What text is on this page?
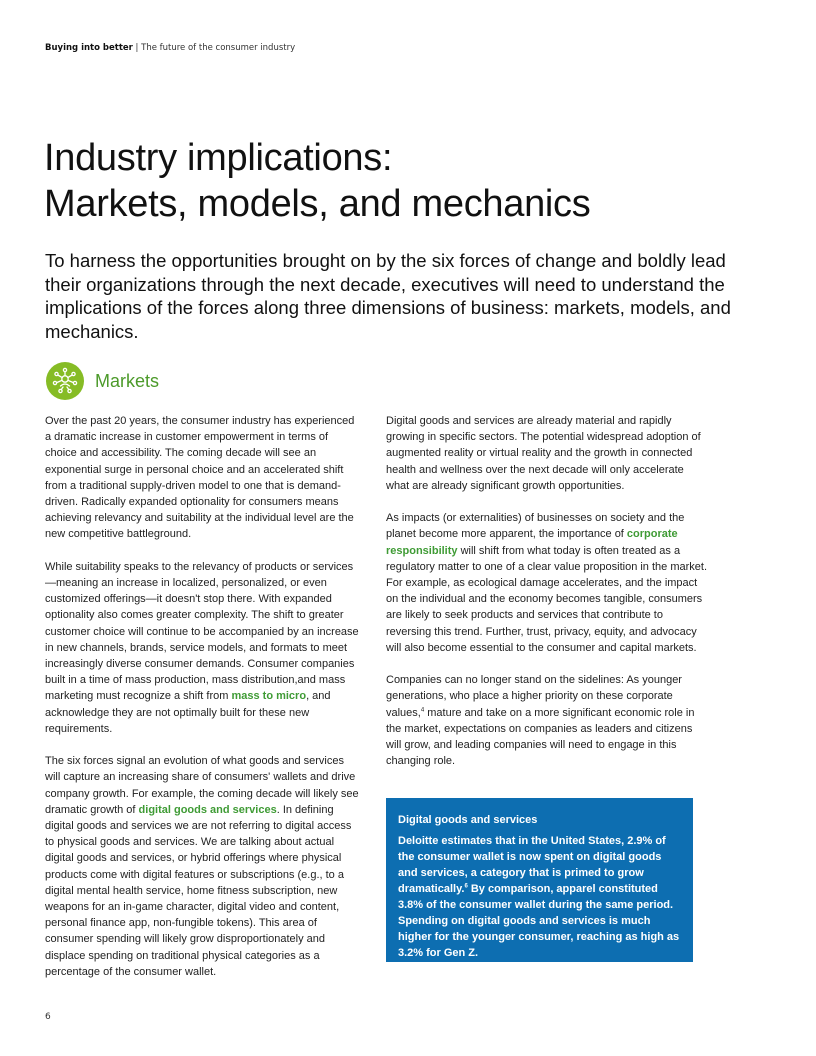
Buying into better | The future of the consumer industry
Industry implications:
Markets, models, and mechanics

To harness the opportunities brought on by the six forces of change and boldly lead their organizations through the next decade, executives will need to understand the implications of the forces along three dimensions of business: markets, models, and mechanics.

Markets

Over the past 20 years, the consumer industry has experienced a dramatic increase in customer empowerment in terms of choice and accessibility. The coming decade will see an exponential surge in personal choice and an accelerated shift from a traditional supply-driven model to one that is demand-driven. Radically expanded optionality for consumers means achieving relevancy and suitability at the individual level are the new competitive battleground.

While suitability speaks to the relevancy of products or services—meaning an increase in localized, personalized, or even customized offerings—it doesn't stop there. With expanded optionality also comes greater complexity. The shift to greater customer choice will continue to be accompanied by an increase in new channels, brands, service models, and formats to meet increasingly diverse consumer demands. Consumer companies built in a time of mass production, mass distribution,and mass marketing must recognize a shift from mass to micro, and acknowledge they are not optimally built for these new requirements.

The six forces signal an evolution of what goods and services will capture an increasing share of consumers' wallets and drive company growth. For example, the coming decade will likely see dramatic growth of digital goods and services. In defining digital goods and services we are not referring to digital access to physical goods and services. We are talking about actual digital goods and services, or hybrid offerings where physical products come with digital features or subscriptions (e.g., to a digital mental health service, home fitness subscription, new weapons for an in-game character, digital video and content, personal finance app, non-fungible tokens). This area of consumer spending will likely grow disproportionately and displace spending on traditional physical categories as a percentage of the consumer wallet.

Digital goods and services are already material and rapidly growing in specific sectors. The potential widespread adoption of augmented reality or virtual reality and the growth in connected health and wellness over the next decade will only accelerate what are already significant growth opportunities.

As impacts (or externalities) of businesses on society and the planet become more apparent, the importance of corporate responsibility will shift from what today is often treated as a regulatory matter to one of a clear value proposition in the market. For example, as ecological damage accelerates, and the impact on the individual and the economy becomes tangible, consumers are likely to seek products and services that contribute to reversing this trend. Further, trust, privacy, equity, and advocacy will also become essential to the consumer and capital markets.

Companies can no longer stand on the sidelines: As younger generations, who place a higher priority on these corporate values,$^4$ mature and take on a more significant economic role in the market, expectations on companies as leaders and citizens will grow, and leading companies will need to engage in this changing role.

Digital goods and services
Deloitte estimates that in the United States, 2.9% of the consumer wallet is now spent on digital goods and services, a category that is primed to grow dramatically.$^6$ By comparison, apparel constituted 3.8% of the consumer wallet during the same period. Spending on digital goods and services is much higher for the younger consumer, reaching as high as 3.2% for Gen Z.
6
